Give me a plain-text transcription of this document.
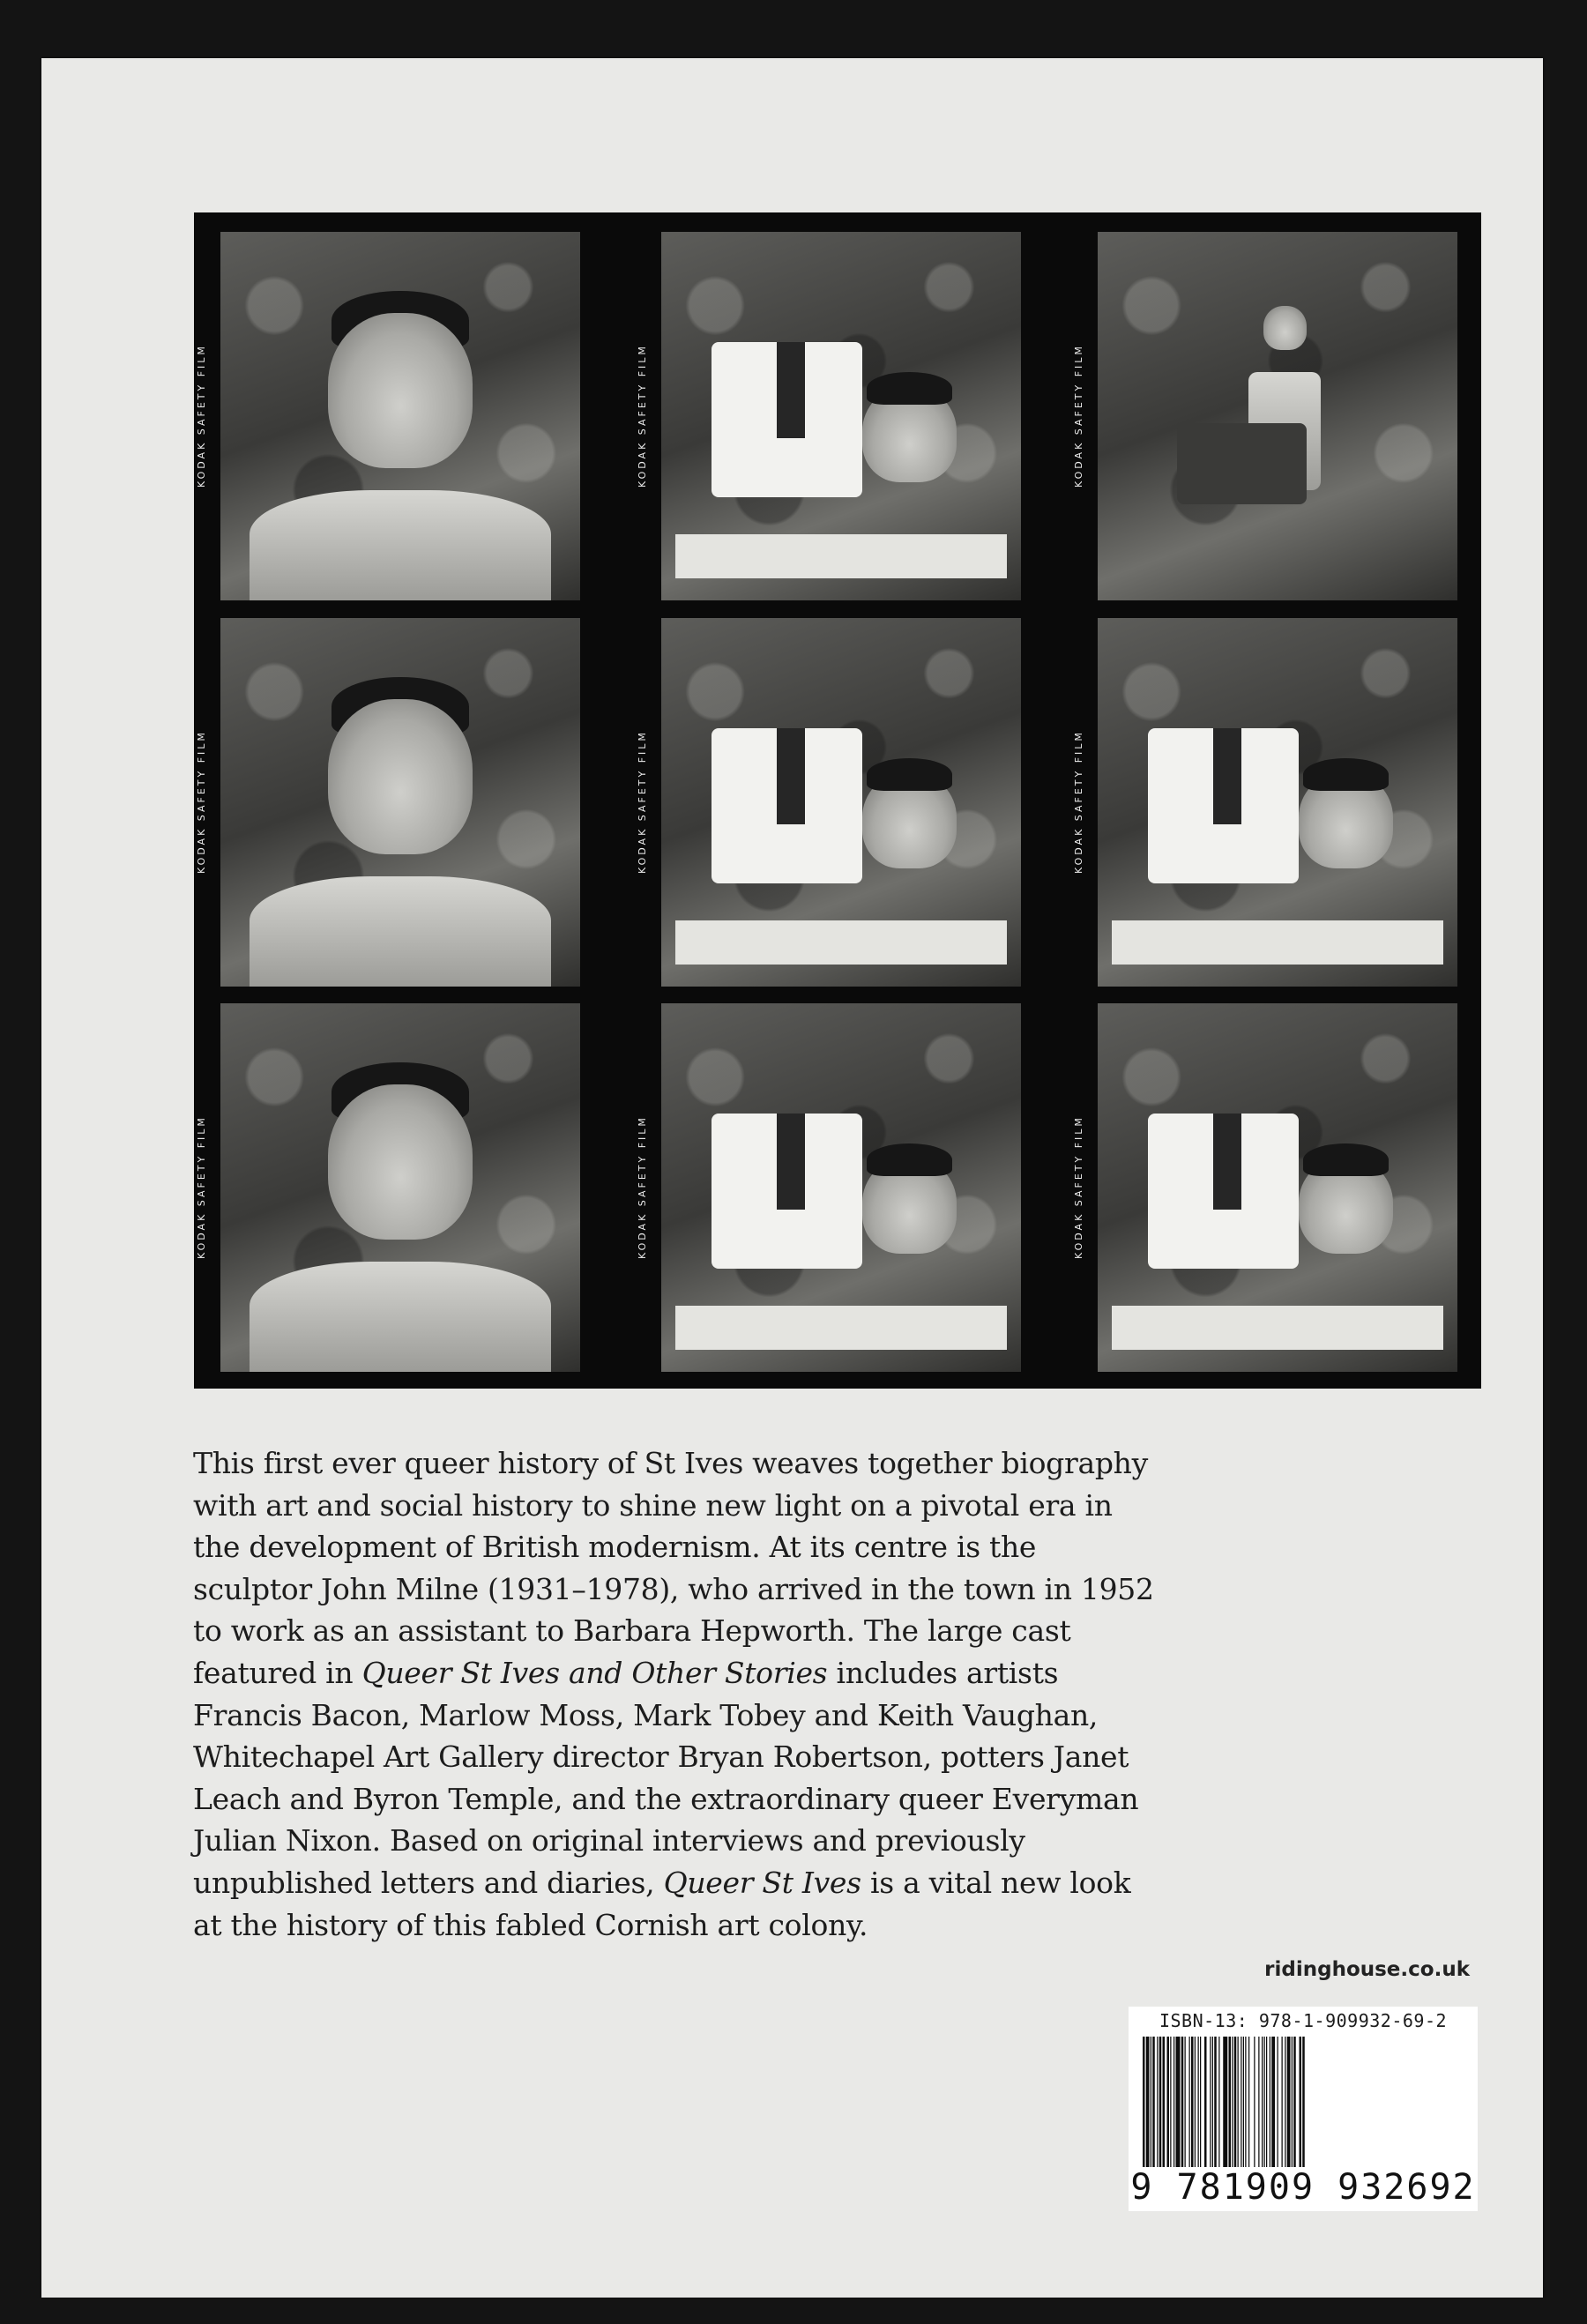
KODAK SAFETY FILM	KODAK SAFETY FILM	KODAK SAFETY FILM
KODAK SAFETY FILM	KODAK SAFETY FILM	KODAK SAFETY FILM
KODAK SAFETY FILM	KODAK SAFETY FILM	KODAK SAFETY FILM

This first ever queer history of St Ives weaves together biography with art and social history to shine new light on a pivotal era in the development of British modernism. At its centre is the sculptor John Milne (1931–1978), who arrived in the town in 1952 to work as an assistant to Barbara Hepworth. The large cast featured in Queer St Ives and Other Stories includes artists Francis Bacon, Marlow Moss, Mark Tobey and Keith Vaughan, Whitechapel Art Gallery director Bryan Robertson, potters Janet Leach and Byron Temple, and the extraordinary queer Everyman Julian Nixon. Based on original interviews and previously unpublished letters and diaries, Queer St Ives is a vital new look at the history of this fabled Cornish art colony.

ridinghouse.co.uk
ISBN-13: 978-1-909932-69-2
9 781909 932692
